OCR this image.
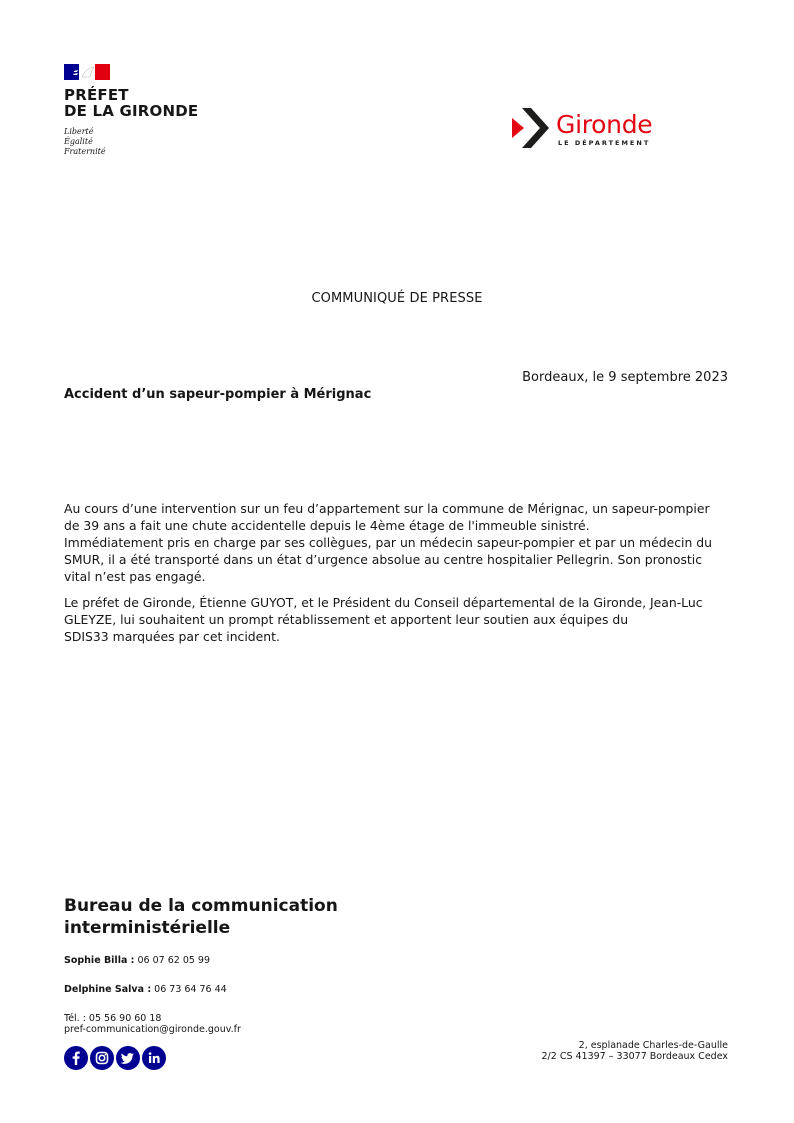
PRÉFET
DE LA GIRONDE
Liberté
Égalité
Fraternité
Gironde
LE DÉPARTEMENT
COMMUNIQUÉ DE PRESSE
Bordeaux, le 9 septembre 2023
Accident d’un sapeur-pompier à Mérignac

Au cours d’une intervention sur un feu d’appartement sur la commune de Mérignac, un sapeur-pompier
de 39 ans a fait une chute accidentelle depuis le 4ème étage de l'immeuble sinistré.
Immédiatement pris en charge par ses collègues, par un médecin sapeur-pompier et par un médecin du
SMUR, il a été transporté dans un état d’urgence absolue au centre hospitalier Pellegrin. Son pronostic
vital n’est pas engagé.

Le préfet de Gironde, Étienne GUYOT, et le Président du Conseil départemental de la Gironde, Jean-Luc
GLEYZE, lui souhaitent un prompt rétablissement et apportent leur soutien aux équipes du
SDIS33 marquées par cet incident.

Bureau de la communication
interministérielle
Sophie Billa : 06 07 62 05 99
Delphine Salva : 06 73 64 76 44
Tél. : 05 56 90 60 18
pref-communication@gironde.gouv.fr
2, esplanade Charles-de-Gaulle
2/2 CS 41397 – 33077 Bordeaux Cedex
